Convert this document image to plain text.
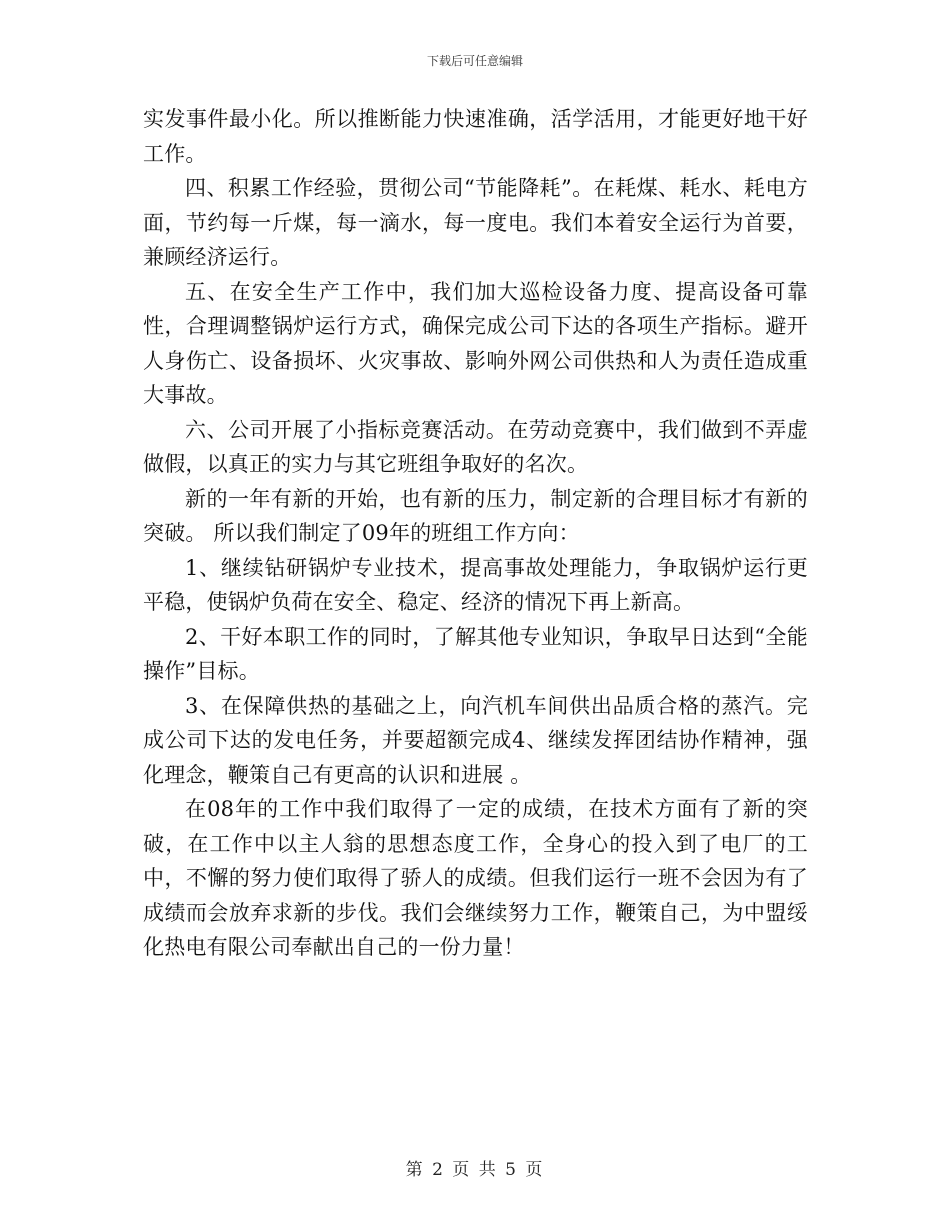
下载后可任意编辑

实发事件最小化。所以推断能力快速准确，活学活用，才能更好地干好工作。

四、积累工作经验，贯彻公司“节能降耗”。在耗煤、耗水、耗电方面，节约每一斤煤，每一滴水，每一度电。我们本着安全运行为首要，兼顾经济运行。

五、在安全生产工作中，我们加大巡检设备力度、提高设备可靠性，合理调整锅炉运行方式，确保完成公司下达的各项生产指标。避开人身伤亡、设备损坏、火灾事故、影响外网公司供热和人为责任造成重大事故。

六、公司开展了小指标竞赛活动。在劳动竞赛中，我们做到不弄虚做假，以真正的实力与其它班组争取好的名次。

新的一年有新的开始，也有新的压力，制定新的合理目标才有新的突破。 所以我们制定了09年的班组工作方向：

1、继续钻研锅炉专业技术，提高事故处理能力，争取锅炉运行更平稳，使锅炉负荷在安全、稳定、经济的情况下再上新高。

2、干好本职工作的同时，了解其他专业知识，争取早日达到“全能操作”目标。

3、在保障供热的基础之上，向汽机车间供出品质合格的蒸汽。完成公司下达的发电任务，并要超额完成4、继续发挥团结协作精神，强化理念，鞭策自己有更高的认识和进展 。

在08年的工作中我们取得了一定的成绩，在技术方面有了新的突破，在工作中以主人翁的思想态度工作，全身心的投入到了电厂的工中，不懈的努力使们取得了骄人的成绩。但我们运行一班不会因为有了成绩而会放弃求新的步伐。我们会继续努力工作，鞭策自己，为中盟绥化热电有限公司奉献出自己的一份力量！

第 2 页 共 5 页
